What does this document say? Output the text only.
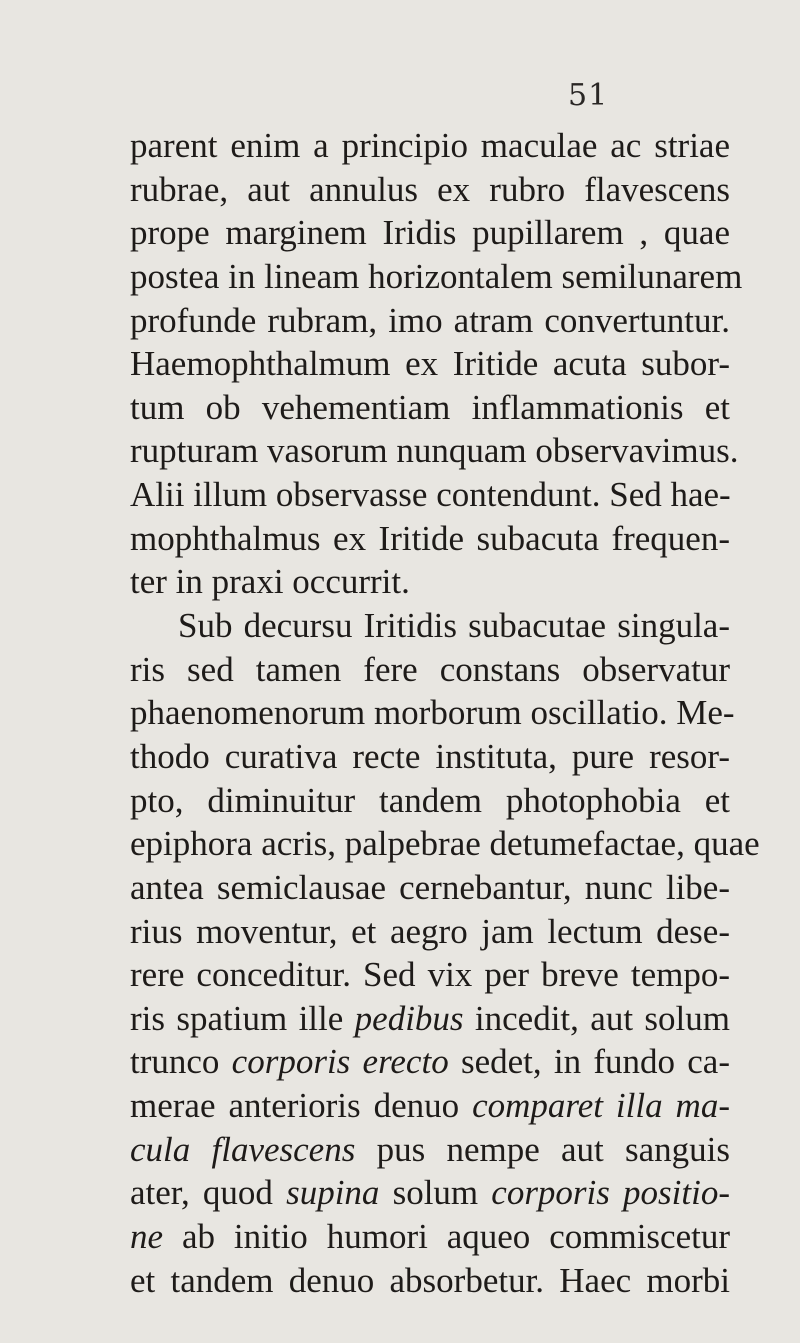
51
parent enim a principio maculae ac striae
rubrae, aut annulus ex rubro flavescens
prope marginem Iridis pupillarem , quae
postea in lineam horizontalem semilunarem
profunde rubram, imo atram convertuntur.
Haemophthalmum ex Iritide acuta subor-
tum ob vehementiam inflammationis et
rupturam vasorum nunquam observavimus.
Alii illum observasse contendunt. Sed hae-
mophthalmus ex Iritide subacuta frequen-
ter in praxi occurrit.
Sub decursu Iritidis subacutae singula-
ris sed tamen fere constans observatur
phaenomenorum morborum oscillatio. Me-
thodo curativa recte instituta, pure resor-
pto, diminuitur tandem photophobia et
epiphora acris, palpebrae detumefactae, quae
antea semiclausae cernebantur, nunc libe-
rius moventur, et aegro jam lectum dese-
rere conceditur. Sed vix per breve tempo-
ris spatium ille pedibus incedit, aut solum
trunco corporis erecto sedet, in fundo ca-
merae anterioris denuo comparet illa ma-
cula flavescens pus nempe aut sanguis
ater, quod supina solum corporis positio-
ne ab initio humori aqueo commiscetur
et tandem denuo absorbetur. Haec morbi
